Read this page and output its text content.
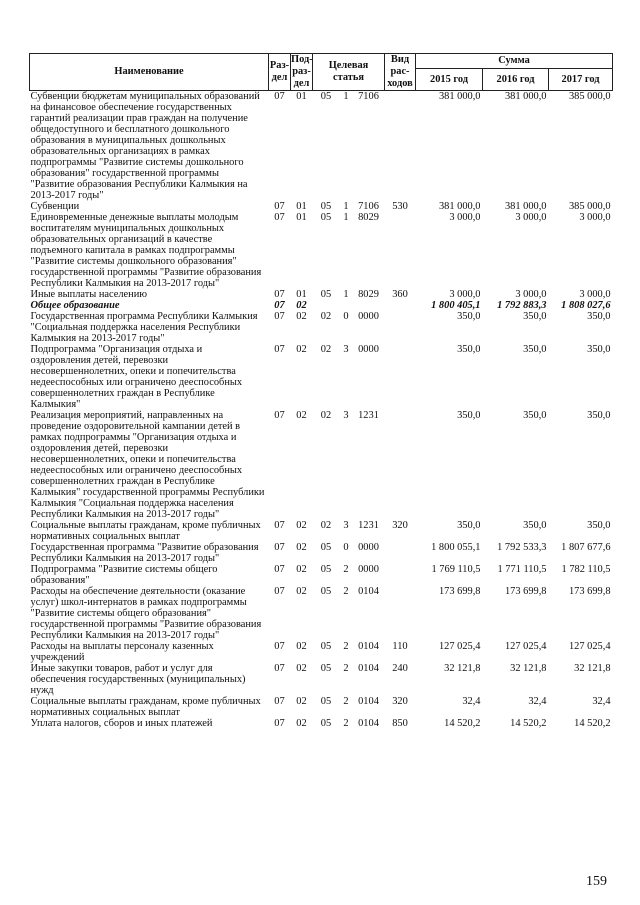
Наименование	Раз-дел	Под-раз-дел	Целевая статья			Вид рас-ходов	Сумма		
							2015 год	2016 год	2017 год
Субвенции бюджетам муниципальных образований на финансовое обеспечение государственных гарантий реализации прав граждан на получение общедоступного и бесплатного дошкольного образования в муниципальных дошкольных образовательных организациях в рамках подпрограммы "Развитие системы дошкольного образования" государственной программы "Развитие образования Республики Калмыкия на 2013-2017 годы"	07	01	05	1	7106		381 000,0	381 000,0	385 000,0
Субвенции	07	01	05	1	7106	530	381 000,0	381 000,0	385 000,0
Единовременные денежные выплаты молодым воспитателям муниципальных дошкольных образовательных организаций в качестве подъемного капитала в рамках подпрограммы "Развитие системы дошкольного образования" государственной программы "Развитие образования Республики Калмыкия на 2013-2017 годы"	07	01	05	1	8029		3 000,0	3 000,0	3 000,0
Иные выплаты населению	07	01	05	1	8029	360	3 000,0	3 000,0	3 000,0
Общее образование	07	02					1 800 405,1	1 792 883,3	1 808 027,6
Государственная программа Республики Калмыкия "Социальная поддержка населения Республики Калмыкия на 2013-2017 годы"	07	02	02	0	0000		350,0	350,0	350,0
Подпрограмма "Организация отдыха и оздоровления детей, перевозки несовершеннолетних, опеки и попечительства недееспособных или ограничено дееспособных совершеннолетних граждан в Республике Калмыкия"	07	02	02	3	0000		350,0	350,0	350,0
Реализация мероприятий, направленных на проведение оздоровительной кампании детей в рамках подпрограммы "Организация отдыха и оздоровления детей, перевозки несовершеннолетних, опеки и попечительства недееспособных или ограничено дееспособных совершеннолетних граждан в Республике Калмыкия" государственной программы Республики Калмыкия "Социальная поддержка населения Республики Калмыкия на 2013-2017 годы"	07	02	02	3	1231		350,0	350,0	350,0
Социальные выплаты гражданам, кроме публичных нормативных социальных выплат	07	02	02	3	1231	320	350,0	350,0	350,0
Государственная программа "Развитие образования Республики Калмыкия на 2013-2017 годы"	07	02	05	0	0000		1 800 055,1	1 792 533,3	1 807 677,6
Подпрограмма "Развитие системы общего образования"	07	02	05	2	0000		1 769 110,5	1 771 110,5	1 782 110,5
Расходы на обеспечение деятельности (оказание услуг) школ-интернатов в рамках подпрограммы "Развитие системы общего образования" государственной программы "Развитие образования Республики Калмыкия на 2013-2017 годы"	07	02	05	2	0104		173 699,8	173 699,8	173 699,8
Расходы на выплаты персоналу казенных учреждений	07	02	05	2	0104	110	127 025,4	127 025,4	127 025,4
Иные закупки товаров, работ и услуг для обеспечения государственных (муниципальных) нужд	07	02	05	2	0104	240	32 121,8	32 121,8	32 121,8
Социальные выплаты гражданам, кроме публичных нормативных социальных выплат	07	02	05	2	0104	320	32,4	32,4	32,4
Уплата налогов, сборов и иных платежей	07	02	05	2	0104	850	14 520,2	14 520,2	14 520,2
159
